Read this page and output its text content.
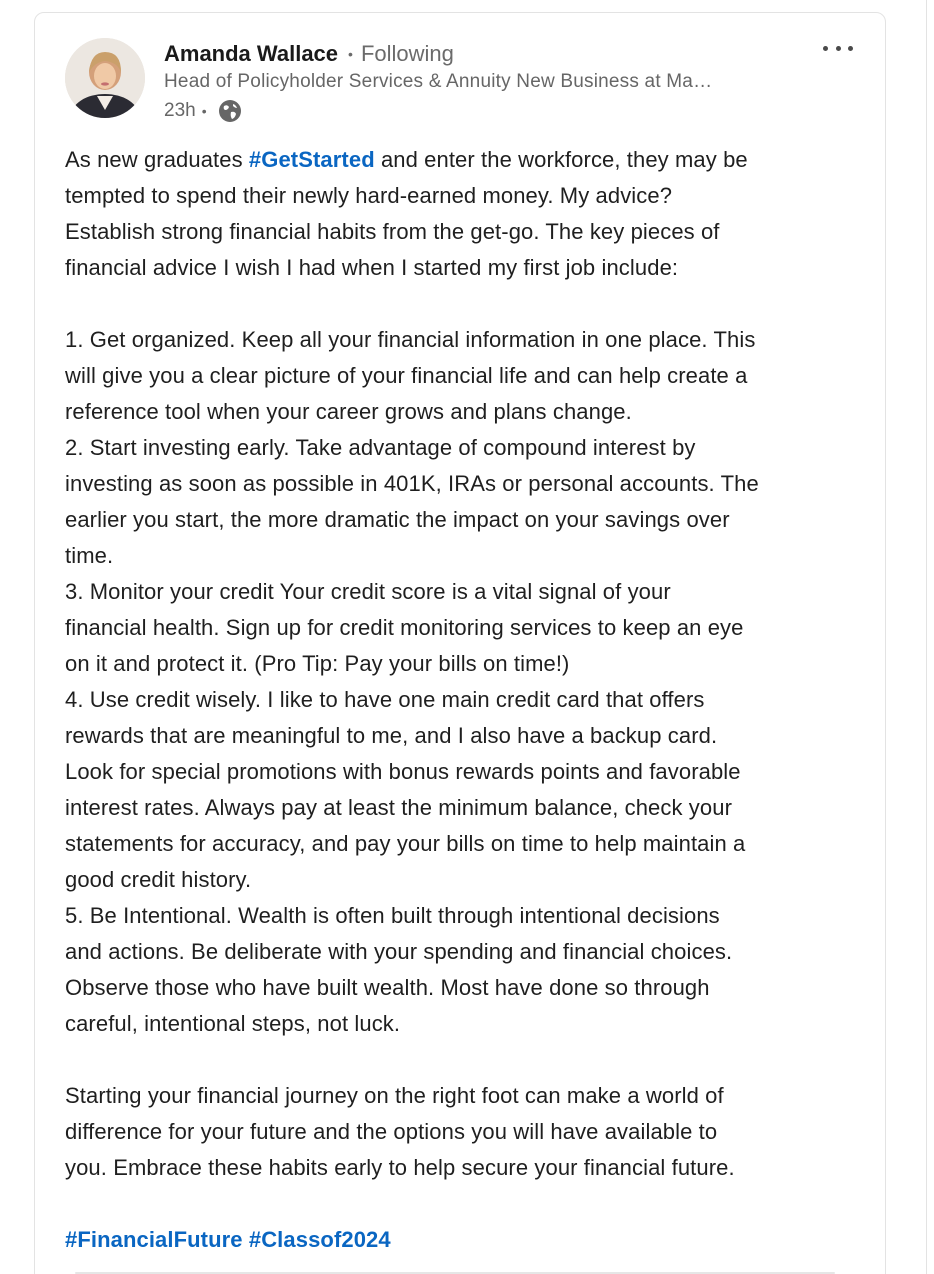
Amanda Wallace • Following
Head of Policyholder Services & Annuity New Business at Ma…
23h •
As new graduates #GetStarted and enter the workforce, they may be
tempted to spend their newly hard-earned money. My advice?
Establish strong financial habits from the get-go. The key pieces of
financial advice I wish I had when I started my first job include:
1. Get organized. Keep all your financial information in one place. This
will give you a clear picture of your financial life and can help create a
reference tool when your career grows and plans change.
2. Start investing early. Take advantage of compound interest by
investing as soon as possible in 401K, IRAs or personal accounts. The
earlier you start, the more dramatic the impact on your savings over
time.
3. Monitor your credit Your credit score is a vital signal of your
financial health. Sign up for credit monitoring services to keep an eye
on it and protect it. (Pro Tip: Pay your bills on time!)
4. Use credit wisely. I like to have one main credit card that offers
rewards that are meaningful to me, and I also have a backup card.
Look for special promotions with bonus rewards points and favorable
interest rates. Always pay at least the minimum balance, check your
statements for accuracy, and pay your bills on time to help maintain a
good credit history.
5. Be Intentional. Wealth is often built through intentional decisions
and actions. Be deliberate with your spending and financial choices.
Observe those who have built wealth. Most have done so through
careful, intentional steps, not luck.
Starting your financial journey on the right foot can make a world of
difference for your future and the options you will have available to
you. Embrace these habits early to help secure your financial future.
#FinancialFuture #Classof2024
